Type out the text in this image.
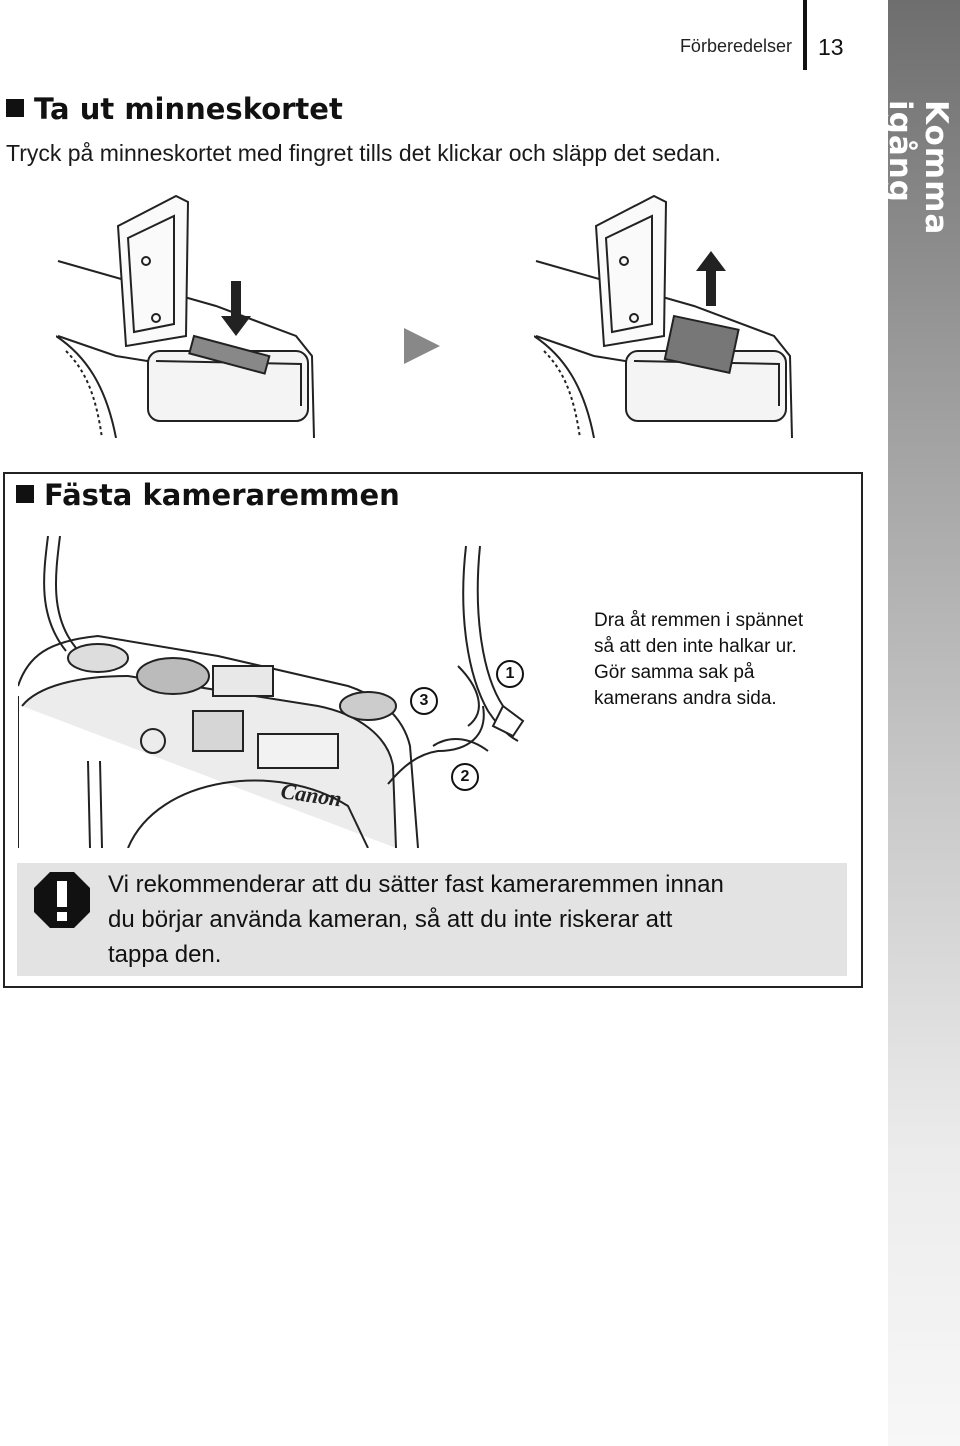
Komma igång
Förberedelser 13
Ta ut minneskortet
Tryck på minneskortet med fingret tills det klickar och släpp det sedan.
Fästa kameraremmen
Canon
1
2
3
Dra åt remmen i spännet
så att den inte halkar ur.
Gör samma sak på
kamerans andra sida.
Vi rekommenderar att du sätter fast kameraremmen innan
du börjar använda kameran, så att du inte riskerar att
tappa den.
